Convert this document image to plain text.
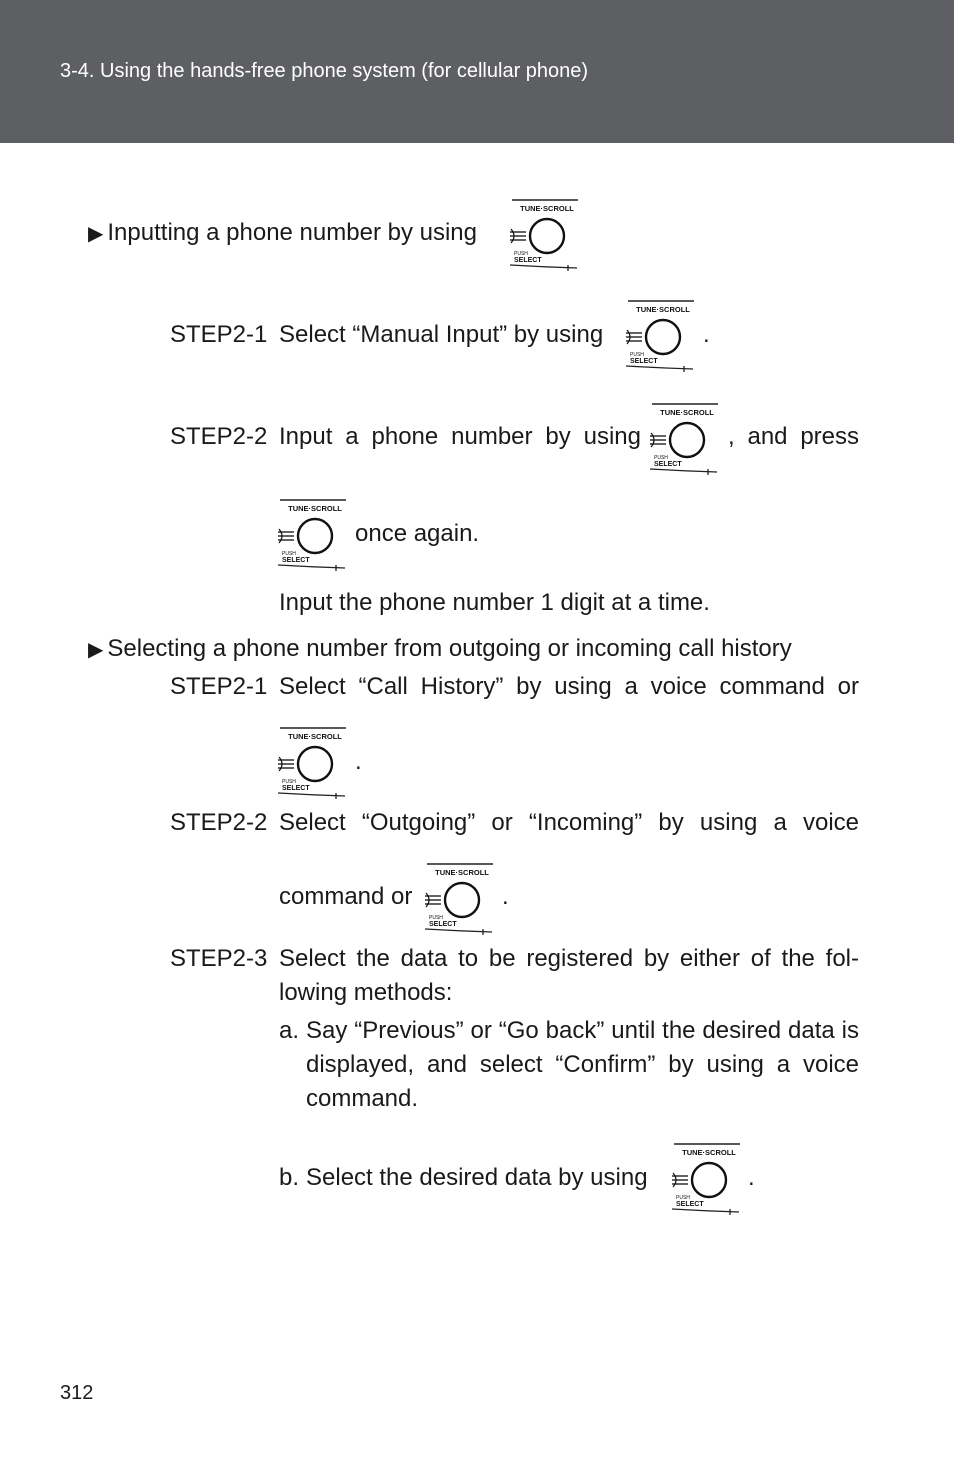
3-4. Using the hands-free phone system (for cellular phone)
▶ Inputting a phone number by using
TUNE·SCROLL
PUSH
SELECT
STEP2-1 Select “Manual Input” by using
TUNE·SCROLL
PUSH
SELECT
.
STEP2-2 Input a phone number by using
TUNE·SCROLL
PUSH
SELECT
, and press
TUNE·SCROLL
PUSH
SELECT
once again.
Input the phone number 1 digit at a time.
▶ Selecting a phone number from outgoing or incoming call history
STEP2-1 Select “Call History” by using a voice command or
TUNE·SCROLL
PUSH
SELECT
.
STEP2-2 Select “Outgoing” or “Incoming” by using a voice
command or
TUNE·SCROLL
PUSH
SELECT
.
STEP2-3 Select the data to be registered by either of the fol-
lowing methods:
a. Say “Previous” or “Go back” until the desired data is displayed, and select “Confirm” by using a voice command.
b. Select the desired data by using
TUNE·SCROLL
PUSH
SELECT
.
312
